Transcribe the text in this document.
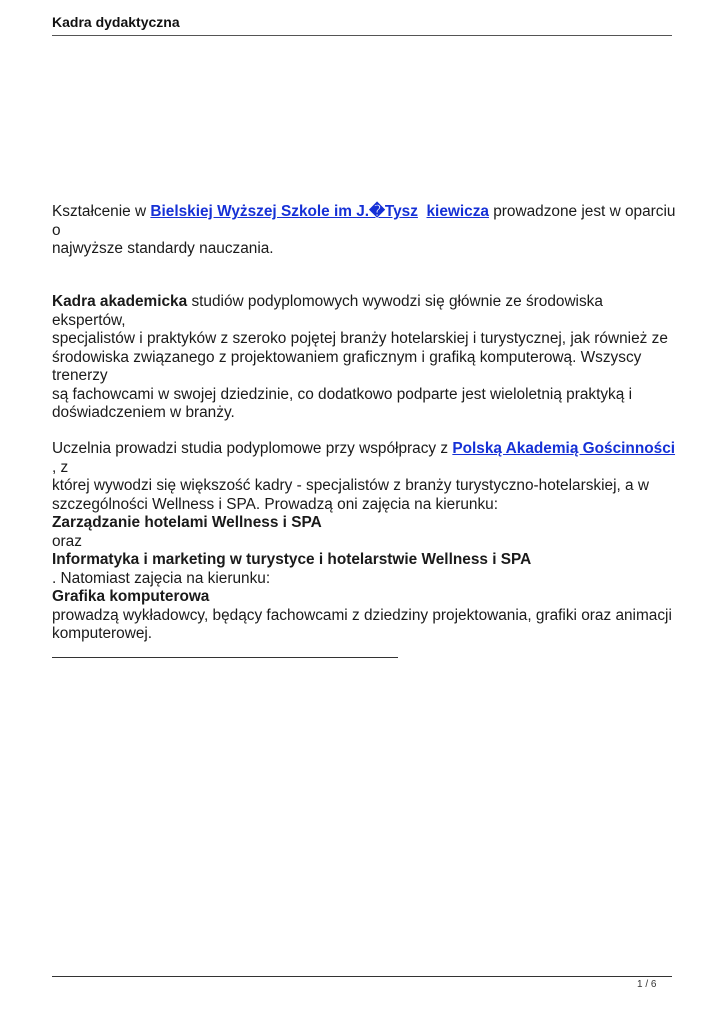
Kadra dydaktyczna
Kształcenie w Bielskiej Wyższej Szkole im J.�Tysz kiewicza prowadzone jest w oparciu o
najwyższe standardy nauczania.
Kadra akademicka studiów podyplomowych wywodzi się głównie ze środowiska ekspertów,
specjalistów i praktyków z szeroko pojętej branży hotelarskiej i turystycznej, jak również ze
środowiska związanego z projektowaniem graficznym i grafiką komputerową. Wszyscy trenerzy
są fachowcami w swojej dziedzinie, co dodatkowo podparte jest wieloletnią praktyką i
doświadczeniem w branży.
Uczelnia prowadzi studia podyplomowe przy współpracy z Polską Akademią Gościnności , z
której wywodzi się większość kadry - specjalistów z branży turystyczno-hotelarskiej, a w
szczególności Wellness i SPA. Prowadzą oni zajęcia na kierunku:
Zarządzanie hotelami Wellness i SPA
oraz
Informatyka i marketing w turystyce i hotelarstwie Wellness i SPA
. Natomiast zajęcia na kierunku:
Grafika komputerowa
prowadzą wykładowcy, będący fachowcami z dziedziny projektowania, grafiki oraz animacji
komputerowej.
1 / 6
